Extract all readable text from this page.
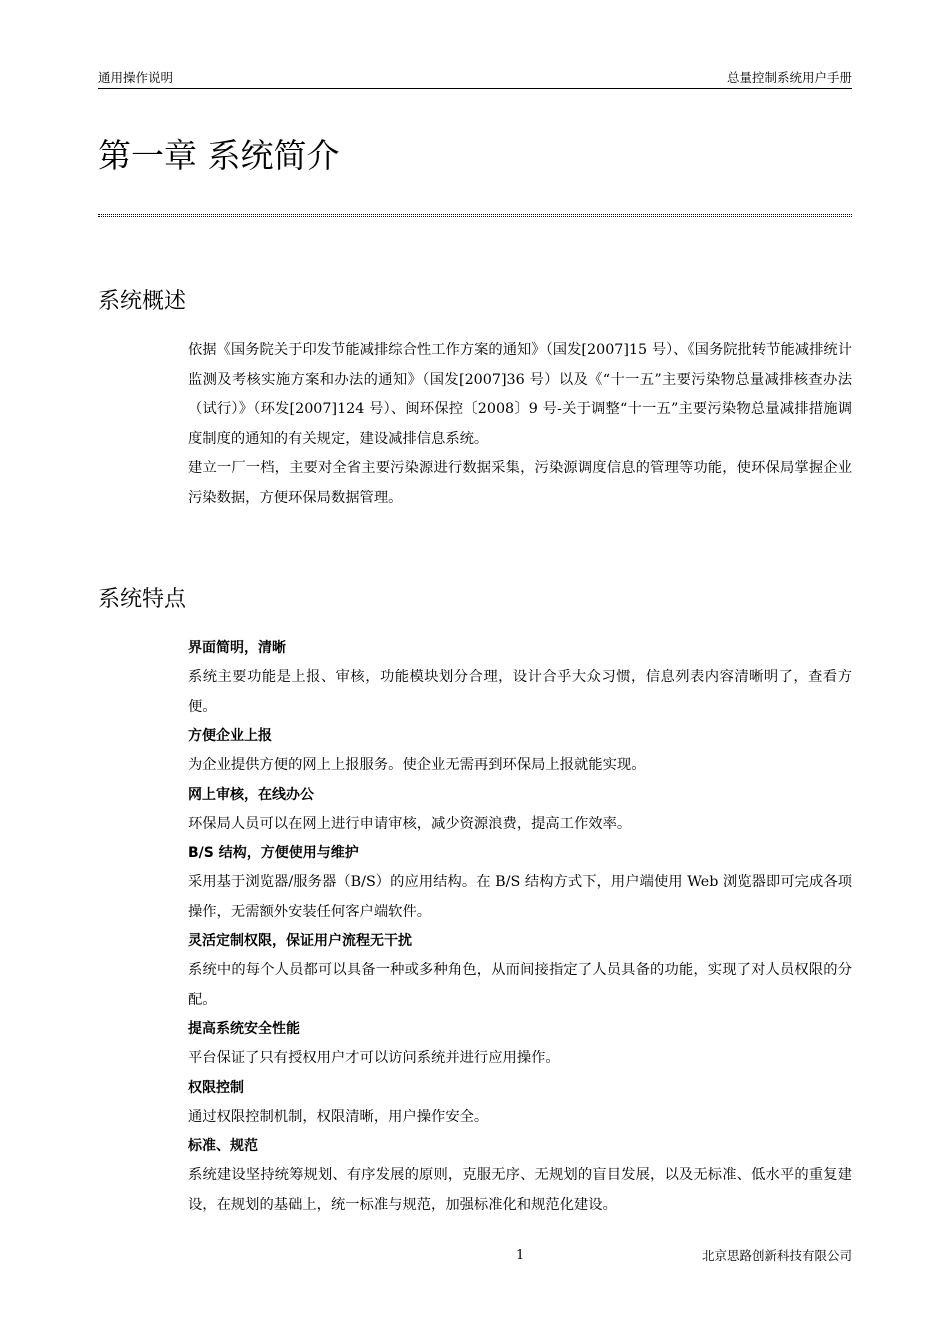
通用操作说明	总量控制系统用户手册
第一章 系统简介
系统概述

依据《国务院关于印发节能减排综合性工作方案的通知》（国发[2007]15 号）、《国务院批转节能减排统计监测及考核实施方案和办法的通知》（国发[2007]36 号）以及《“十一五”主要污染物总量减排核查办法（试行）》（环发[2007]124 号）、闽环保控〔2008〕9 号-关于调整“十一五”主要污染物总量减排措施调度制度的通知的有关规定，建设减排信息系统。

建立一厂一档，主要对全省主要污染源进行数据采集，污染源调度信息的管理等功能，使环保局掌握企业污染数据，方便环保局数据管理。

系统特点
界面简明，清晰

系统主要功能是上报、审核，功能模块划分合理，设计合乎大众习惯，信息列表内容清晰明了，查看方便。

方便企业上报

为企业提供方便的网上上报服务。使企业无需再到环保局上报就能实现。

网上审核，在线办公

环保局人员可以在网上进行申请审核，减少资源浪费，提高工作效率。

B/S 结构，方便使用与维护

采用基于浏览器/服务器（B/S）的应用结构。在 B/S 结构方式下，用户端使用 Web 浏览器即可完成各项操作，无需额外安装任何客户端软件。

灵活定制权限，保证用户流程无干扰

系统中的每个人员都可以具备一种或多种角色，从而间接指定了人员具备的功能，实现了对人员权限的分配。

提高系统安全性能

平台保证了只有授权用户才可以访问系统并进行应用操作。

权限控制

通过权限控制机制，权限清晰，用户操作安全。

标准、规范

系统建设坚持统筹规划、有序发展的原则，克服无序、无规划的盲目发展，以及无标准、低水平的重复建设，在规划的基础上，统一标准与规范，加强标准化和规范化建设。

1	北京思路创新科技有限公司
